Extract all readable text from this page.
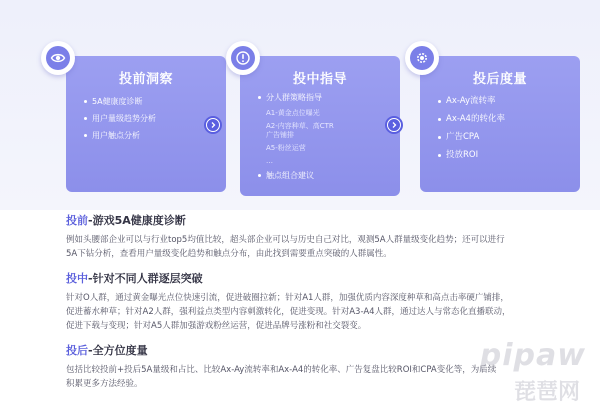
投前洞察
5A健康度诊断
用户量级趋势分析
用户触点分析
投中指导
分人群策略指导
A1-黄金点位曝光
A2-内容种草、高CTR
广告铺排
A5-粉丝运营
…
触点组合建议
投后度量
Ax-Ay流转率
Ax-A4的转化率
广告CPA
投放ROI
投前-游戏5A健康度诊断
例如头腰部企业可以与行业top5均值比较，超头部企业可以与历史自己对比，观测5A人群量级变化趋势；还可以进行
5A下钻分析，查看用户量级变化趋势和触点分布，由此找到需要重点突破的人群属性。
投中-针对不同人群逐层突破
针对O人群，通过黄金曝光点位快速引流，促进破圈拉新；针对A1人群，加强优质内容深度种草和高点击率硬广铺排，
促进蓄水种草；针对A2人群，强利益点类型内容刺激转化，促进变现。针对A3-A4人群，通过达人与常态化直播联动，
促进下载与变现；针对A5人群加强游戏粉丝运营，促进品牌号涨粉和社交裂变。
投后-全方位度量
包括比较投前+投后5A量级和占比、比较Ax-Ay流转率和Ax-A4的转化率、广告复盘比较ROI和CPA变化等，为后续
积累更多方法经验。
pipaw
琵琶网
